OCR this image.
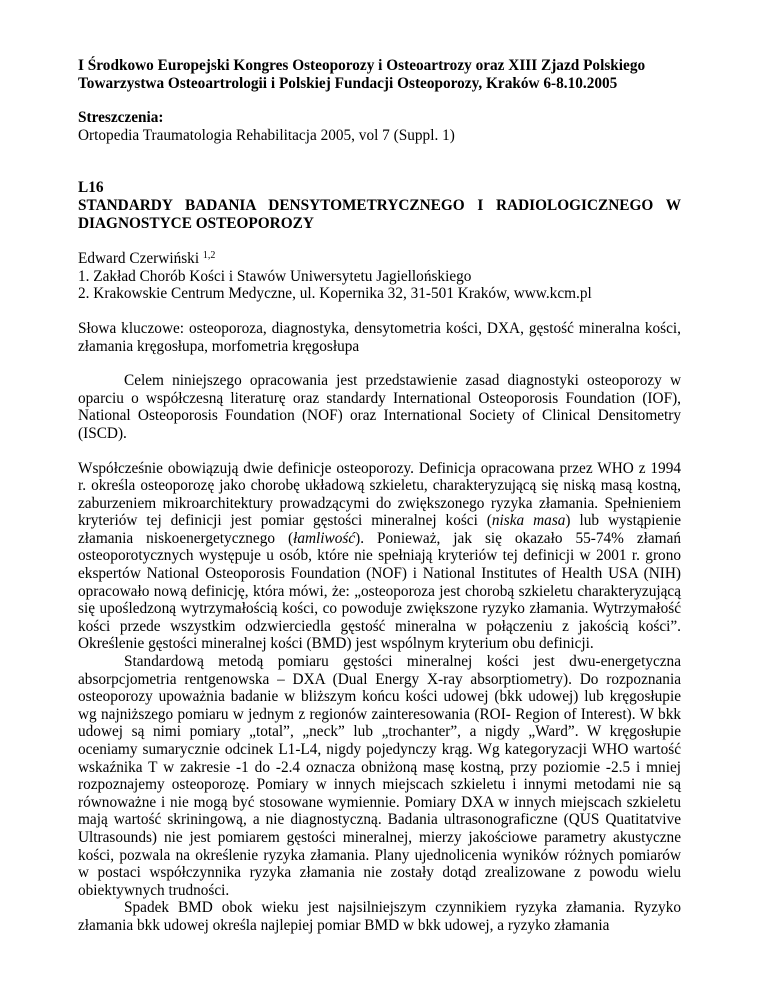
I Środkowo Europejski Kongres Osteoporozy i Osteoartrozy oraz XIII Zjazd Polskiego Towarzystwa Osteoartrologii i Polskiej Fundacji Osteoporozy, Kraków 6-8.10.2005

Streszczenia:
Ortopedia Traumatologia Rehabilitacja 2005, vol 7 (Suppl. 1)
L16
STANDARDY BADANIA DENSYTOMETRYCZNEGO I RADIOLOGICZNEGO W DIAGNOSTYCE OSTEOPOROZY
Edward Czerwiński $^{1,2}$
1. Zakład Chorób Kości i Stawów Uniwersytetu Jagiellońskiego
2. Krakowskie Centrum Medyczne, ul. Kopernika 32, 31-501 Kraków, www.kcm.pl
Słowa kluczowe: osteoporoza, diagnostyka, densytometria kości, DXA, gęstość mineralna kości, złamania kręgosłupa, morfometria kręgosłupa

Celem niniejszego opracowania jest przedstawienie zasad diagnostyki osteoporozy w oparciu o współczesną literaturę oraz standardy International Osteoporosis Foundation (IOF), National Osteoporosis Foundation (NOF) oraz International Society of Clinical Densitometry (ISCD).

Współcześnie obowiązują dwie definicje osteoporozy. Definicja opracowana przez WHO z 1994 r. określa osteoporozę jako chorobę układową szkieletu, charakteryzującą się niską masą kostną, zaburzeniem mikroarchitektury prowadzącymi do zwiększonego ryzyka złamania. Spełnieniem kryteriów tej definicji jest pomiar gęstości mineralnej kości (niska masa) lub wystąpienie złamania niskoenergetycznego (łamliwość). Ponieważ, jak się okazało 55-74% złamań osteoporotycznych występuje u osób, które nie spełniają kryteriów tej definicji w 2001 r. grono ekspertów National Osteoporosis Foundation (NOF) i National Institutes of Health USA (NIH) opracowało nową definicję, która mówi, że: „osteoporoza jest chorobą szkieletu charakteryzującą się upośledzoną wytrzymałością kości, co powoduje zwiększone ryzyko złamania. Wytrzymałość kości przede wszystkim odzwierciedla gęstość mineralna w połączeniu z jakością kości”. Określenie gęstości mineralnej kości (BMD) jest wspólnym kryterium obu definicji.

Standardową metodą pomiaru gęstości mineralnej kości jest dwu-energetyczna absorpcjometria rentgenowska – DXA (Dual Energy X-ray absorptiometry). Do rozpoznania osteoporozy upoważnia badanie w bliższym końcu kości udowej (bkk udowej) lub kręgosłupie wg najniższego pomiaru w jednym z regionów zainteresowania (ROI- Region of Interest). W bkk udowej są nimi pomiary „total”, „neck” lub „trochanter”, a nigdy „Ward”. W kręgosłupie oceniamy sumarycznie odcinek L1-L4, nigdy pojedynczy krąg. Wg kategoryzacji WHO wartość wskaźnika T w zakresie -1 do -2.4 oznacza obniżoną masę kostną, przy poziomie -2.5 i mniej rozpoznajemy osteoporozę. Pomiary w innych miejscach szkieletu i innymi metodami nie są równoważne i nie mogą być stosowane wymiennie. Pomiary DXA w innych miejscach szkieletu mają wartość skriningową, a nie diagnostyczną. Badania ultrasonograficzne (QUS Quatitatvive Ultrasounds) nie jest pomiarem gęstości mineralnej, mierzy jakościowe parametry akustyczne kości, pozwala na określenie ryzyka złamania. Plany ujednolicenia wyników różnych pomiarów w postaci współczynnika ryzyka złamania nie zostały dotąd zrealizowane z powodu wielu obiektywnych trudności.

Spadek BMD obok wieku jest najsilniejszym czynnikiem ryzyka złamania. Ryzyko złamania bkk udowej określa najlepiej pomiar BMD w bkk udowej, a ryzyko złamania
